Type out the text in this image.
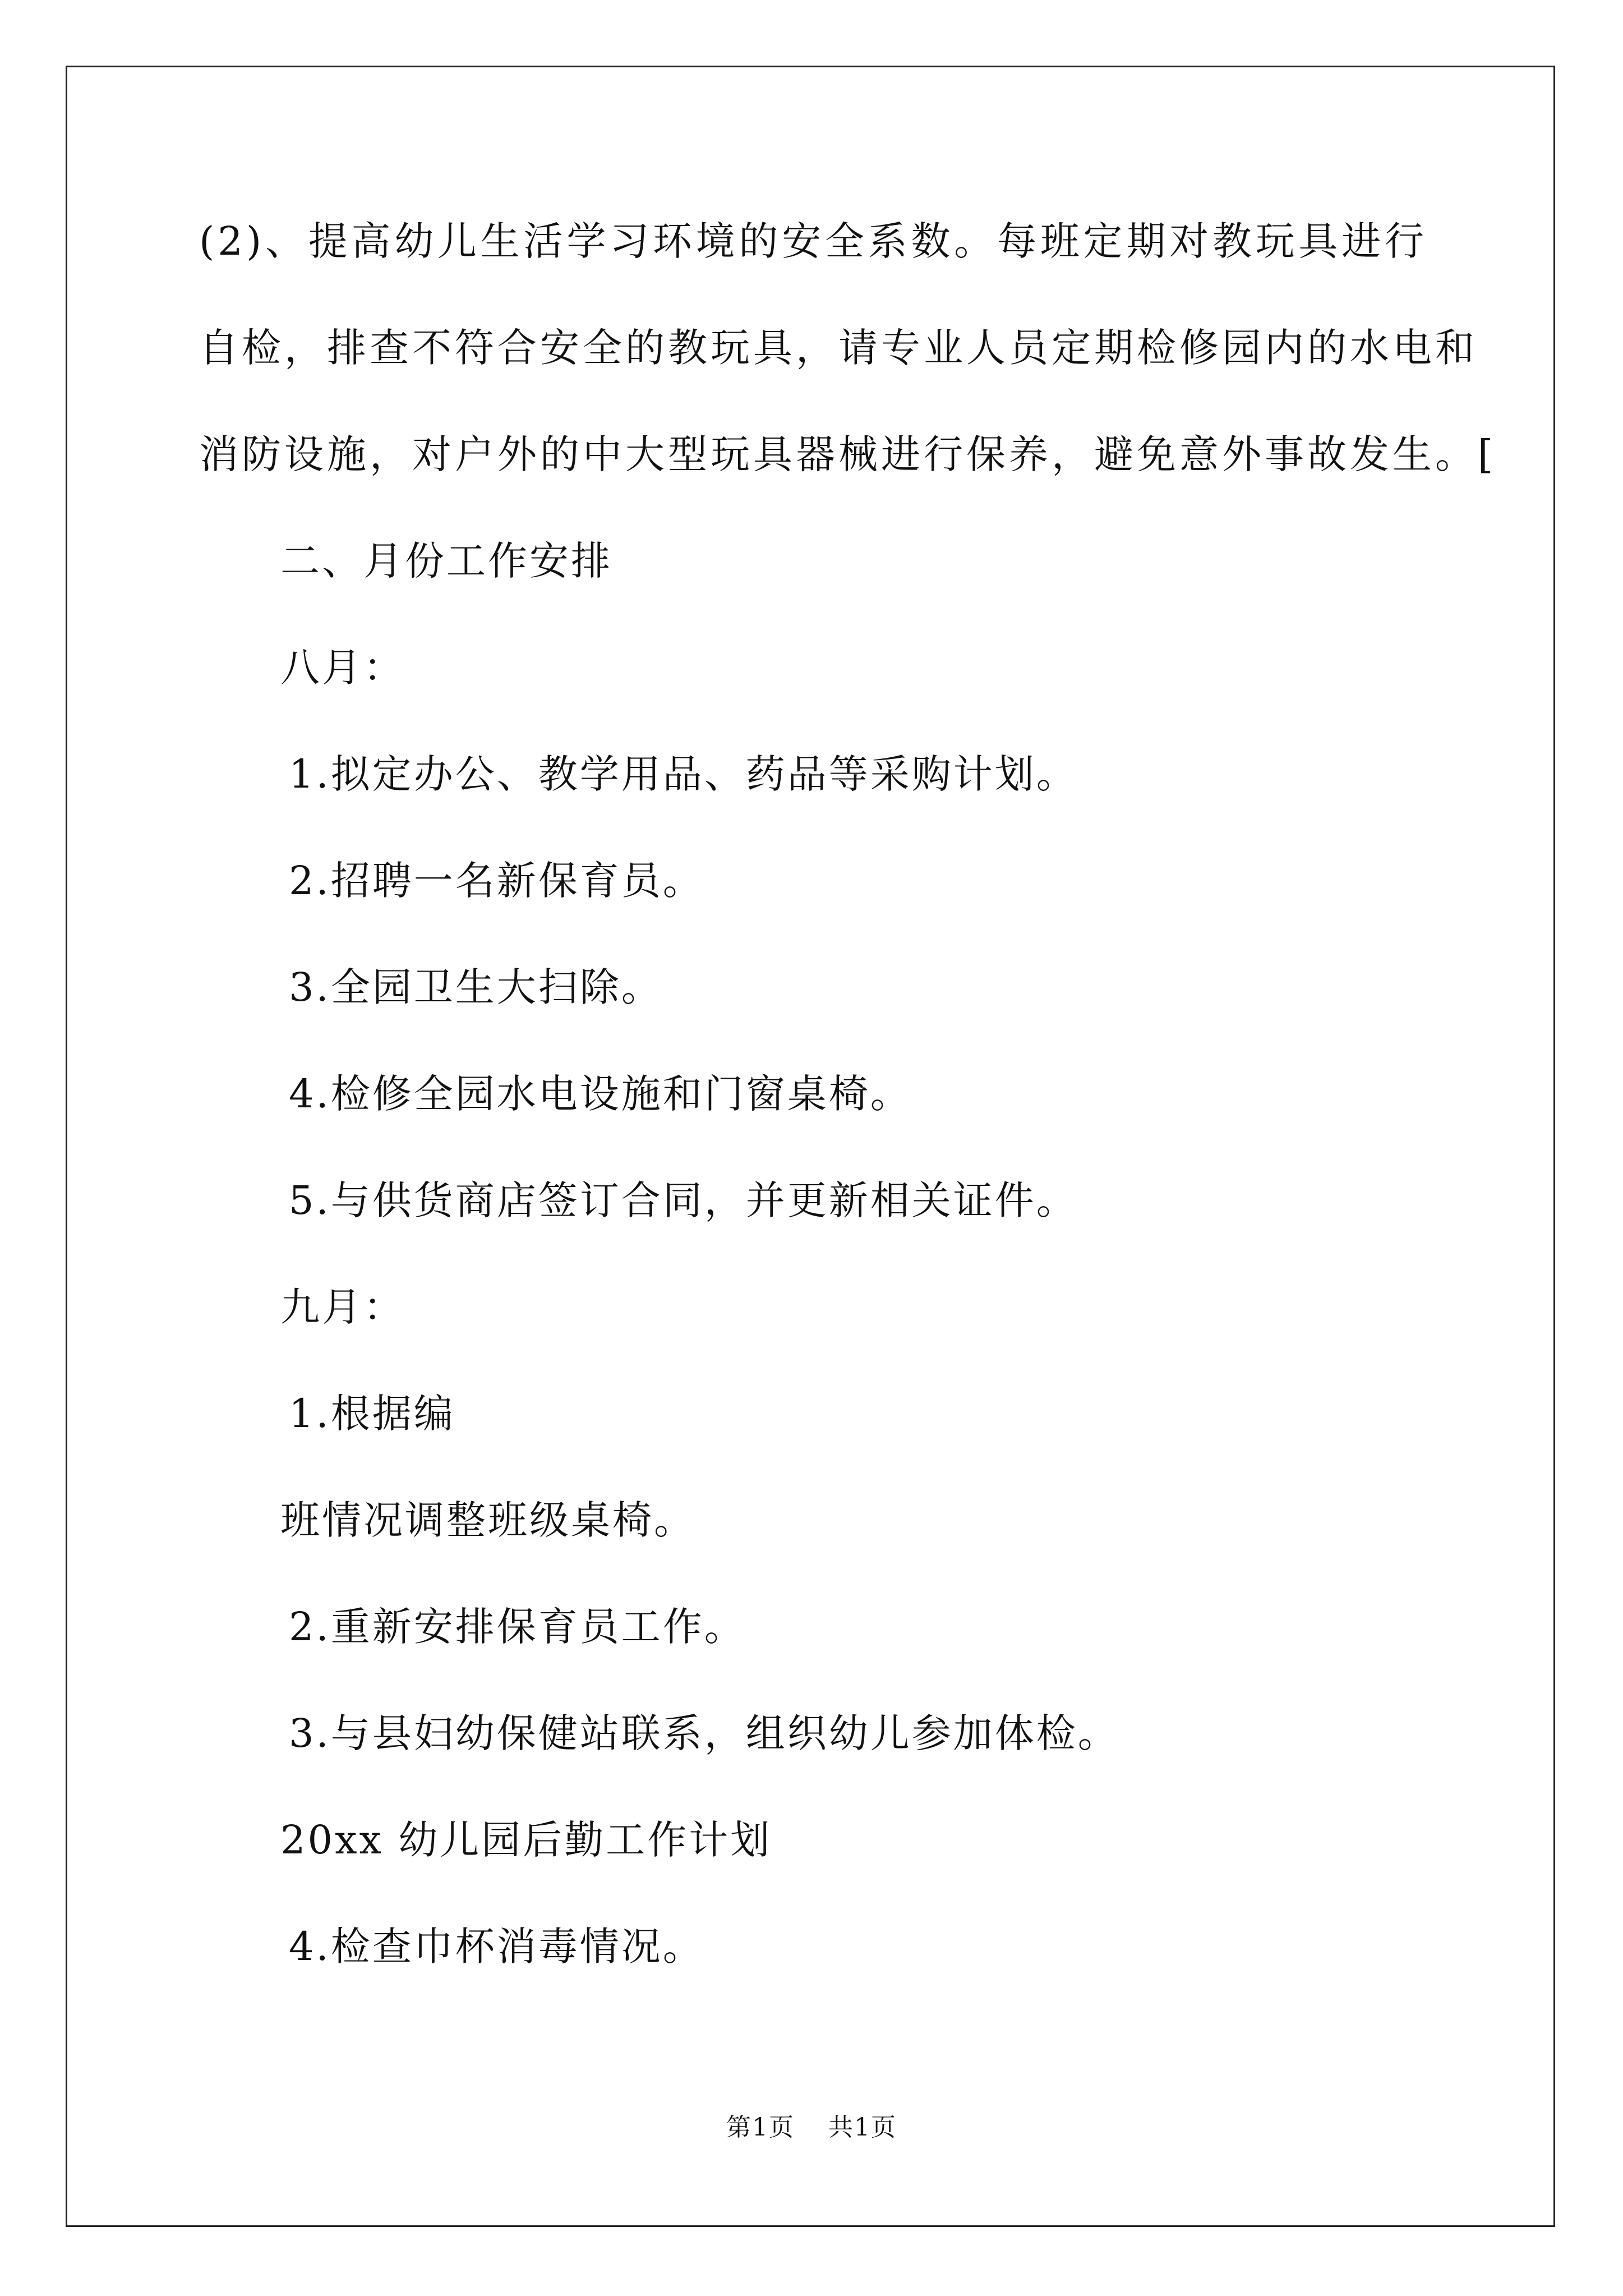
(2)、提高幼儿生活学习环境的安全系数。每班定期对教玩具进行
自检，排查不符合安全的教玩具，请专业人员定期检修园内的水电和
消防设施，对户外的中大型玩具器械进行保养，避免意外事故发生。[
二、月份工作安排
八月：
1.拟定办公、教学用品、药品等采购计划。
2.招聘一名新保育员。
3.全园卫生大扫除。
4.检修全园水电设施和门窗桌椅。
5.与供货商店签订合同，并更新相关证件。
九月：
1.根据编
班情况调整班级桌椅。
2.重新安排保育员工作。
3.与县妇幼保健站联系，组织幼儿参加体检。
20xx 幼儿园后勤工作计划
4.检查巾杯消毒情况。
第1页 共1页
